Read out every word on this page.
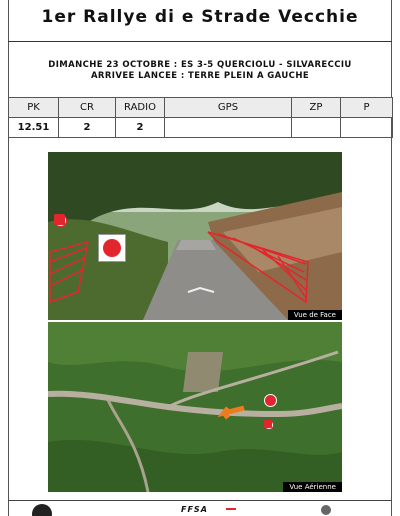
1er Rallye di e Strade Vecchie
DIMANCHE 23 OCTOBRE : ES 3-5 QUERCIOLU - SILVARECCIU
ARRIVEE LANCEE : TERRE PLEIN A GAUCHE
PK	CR	RADIO	GPS	ZP	P
12.51	2	2			
Vue de Face
Vue Aérienne
FFSA
